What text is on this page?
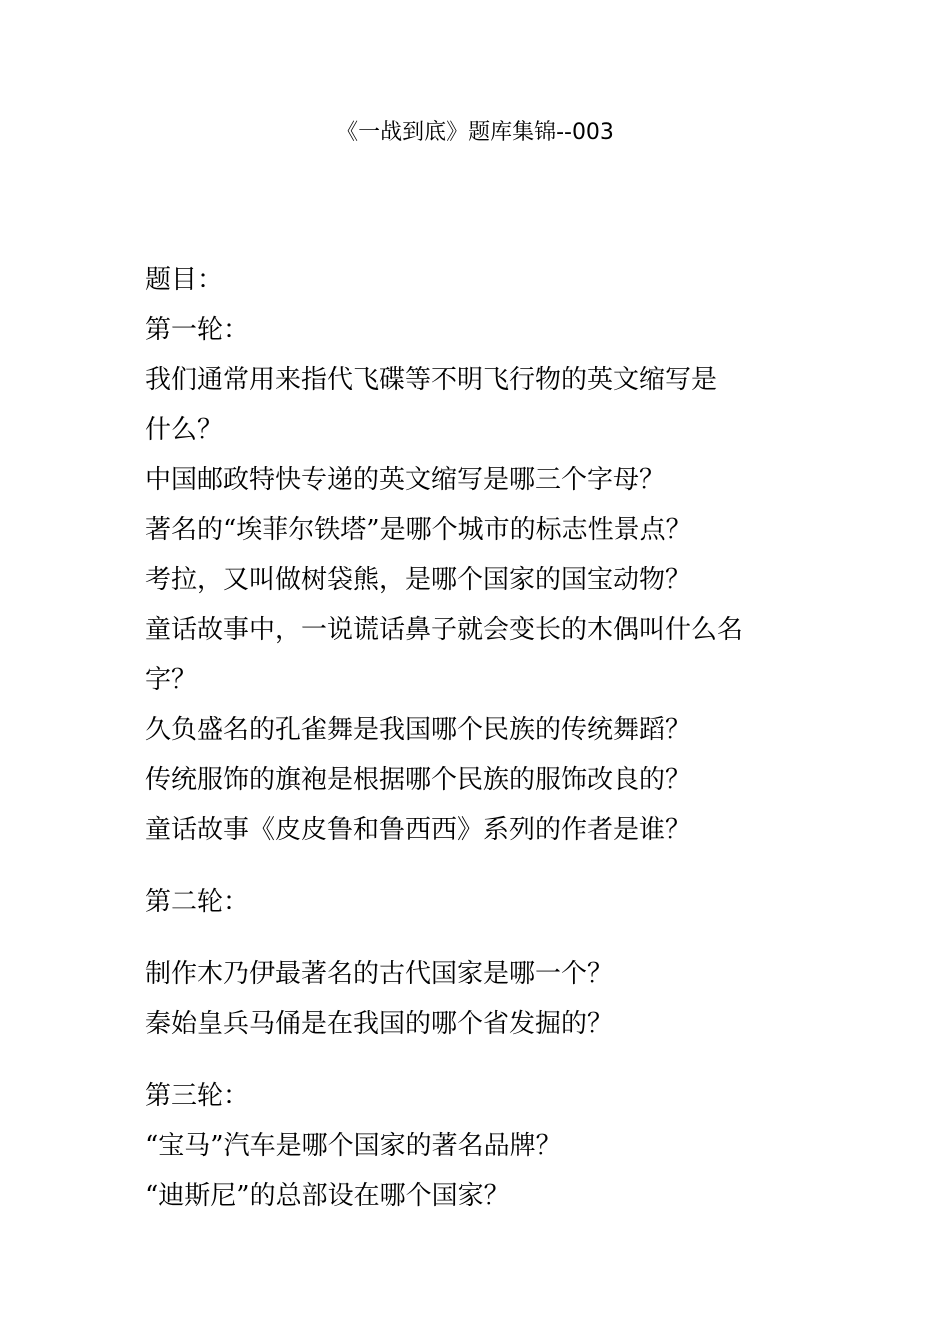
《一战到底》题库集锦--003
题目：
第一轮：
我们通常用来指代飞碟等不明飞行物的英文缩写是
什么？
中国邮政特快专递的英文缩写是哪三个字母？
著名的“埃菲尔铁塔”是哪个城市的标志性景点？
考拉，又叫做树袋熊，是哪个国家的国宝动物？
童话故事中，一说谎话鼻子就会变长的木偶叫什么名
字？
久负盛名的孔雀舞是我国哪个民族的传统舞蹈？
传统服饰的旗袍是根据哪个民族的服饰改良的？
童话故事《皮皮鲁和鲁西西》系列的作者是谁？
第二轮：
制作木乃伊最著名的古代国家是哪一个？
秦始皇兵马俑是在我国的哪个省发掘的？
第三轮：
“宝马”汽车是哪个国家的著名品牌？
“迪斯尼”的总部设在哪个国家？
